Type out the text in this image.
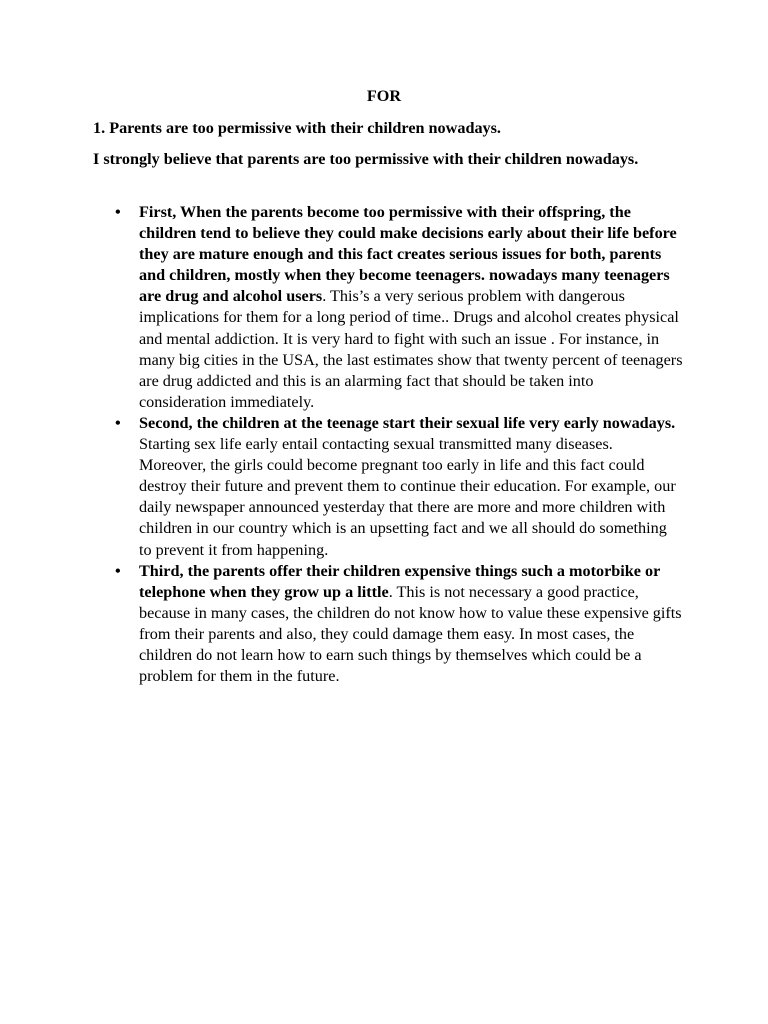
FOR

1. Parents are too permissive with their children nowadays.

I strongly believe that parents are too permissive with their children nowadays.

• First, When the parents become too permissive with their offspring, the children tend to believe they could make decisions early about their life before they are mature enough and this fact creates serious issues for both, parents and children, mostly when they become teenagers. nowadays many teenagers are drug and alcohol users. This’s a very serious problem with dangerous implications for them for a long period of time.. Drugs and alcohol creates physical and mental addiction. It is very hard to fight with such an issue . For instance, in many big cities in the USA, the last estimates show that twenty percent of teenagers are drug addicted and this is an alarming fact that should be taken into consideration immediately.
• Second, the children at the teenage start their sexual life very early nowadays.  Starting sex life early entail contacting sexual transmitted many diseases. Moreover, the girls could become pregnant too early in life and this fact could destroy their future and prevent them to continue their education. For example, our daily newspaper announced yesterday that there are more and more children with children in our country which is an upsetting fact and we all should do something to prevent it from happening.
• Third, the parents offer their children expensive things such a motorbike or telephone when they grow up a little. This is not necessary a good practice, because in many cases, the children do not know how to value these expensive gifts from their parents and also, they could damage them easy. In most cases, the children do not learn how to earn such things by themselves which could be a problem for them in the future.
